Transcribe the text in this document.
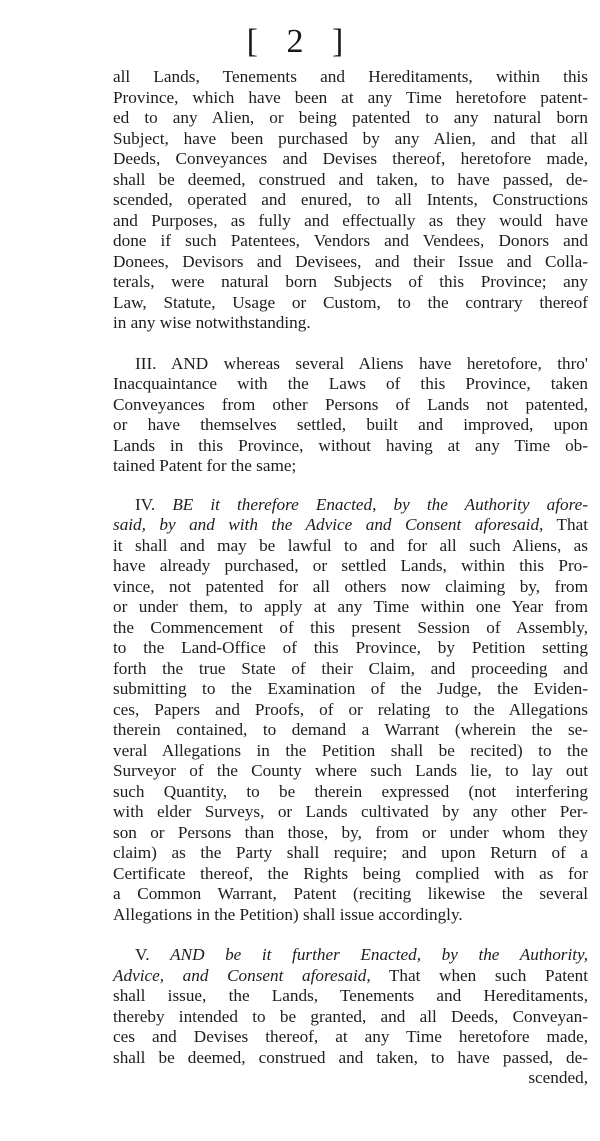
[ 2 ]
all Lands, Tenements and Hereditaments, within this
Province, which have been at any Time heretofore patent-
ed to any Alien, or being patented to any natural born
Subject, have been purchased by any Alien, and that all
Deeds, Conveyances and Devises thereof, heretofore made,
shall be deemed, construed and taken, to have passed, de-
scended, operated and enured, to all Intents, Constructions
and Purposes, as fully and effectually as they would have
done if such Patentees, Vendors and Vendees, Donors and
Donees, Devisors and Devisees, and their Issue and Colla-
terals, were natural born Subjects of this Province; any
Law, Statute, Usage or Custom, to the contrary thereof
in any wise notwithstanding.
III. AND whereas several Aliens have heretofore, thro'
Inacquaintance with the Laws of this Province, taken
Conveyances from other Persons of Lands not patented,
or have themselves settled, built and improved, upon
Lands in this Province, without having at any Time ob-
tained Patent for the same;
IV. BE it therefore Enacted, by the Authority afore-
said, by and with the Advice and Consent aforesaid, That
it shall and may be lawful to and for all such Aliens, as
have already purchased, or settled Lands, within this Pro-
vince, not patented for all others now claiming by, from
or under them, to apply at any Time within one Year from
the Commencement of this present Session of Assembly,
to the Land-Office of this Province, by Petition setting
forth the true State of their Claim, and proceeding and
submitting to the Examination of the Judge, the Eviden-
ces, Papers and Proofs, of or relating to the Allegations
therein contained, to demand a Warrant (wherein the se-
veral Allegations in the Petition shall be recited) to the
Surveyor of the County where such Lands lie, to lay out
such Quantity, to be therein expressed (not interfering
with elder Surveys, or Lands cultivated by any other Per-
son or Persons than those, by, from or under whom they
claim) as the Party shall require; and upon Return of a
Certificate thereof, the Rights being complied with as for
a Common Warrant, Patent (reciting likewise the several
Allegations in the Petition) shall issue accordingly.
V. AND be it further Enacted, by the Authority,
Advice, and Consent aforesaid, That when such Patent
shall issue, the Lands, Tenements and Hereditaments,
thereby intended to be granted, and all Deeds, Conveyan-
ces and Devises thereof, at any Time heretofore made,
shall be deemed, construed and taken, to have passed, de-
scended,
